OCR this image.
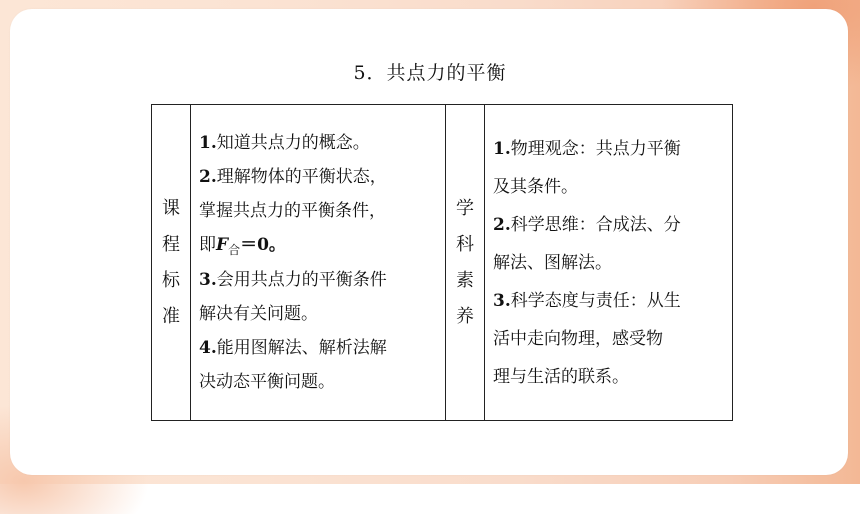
5．共点力的平衡
课
程
标
准

1.知道共点力的概念。
2.理解物体的平衡状态，
掌握共点力的平衡条件，
即$F_合=0$。
3.会用共点力的平衡条件
解决有关问题。
4.能用图解法、解析法解
决动态平衡问题。

学
科
素
养

1.物理观念：共点力平衡
及其条件。
2.科学思维：合成法、分
解法、图解法。
3.科学态度与责任：从生
活中走向物理，感受物
理与生活的联系。
